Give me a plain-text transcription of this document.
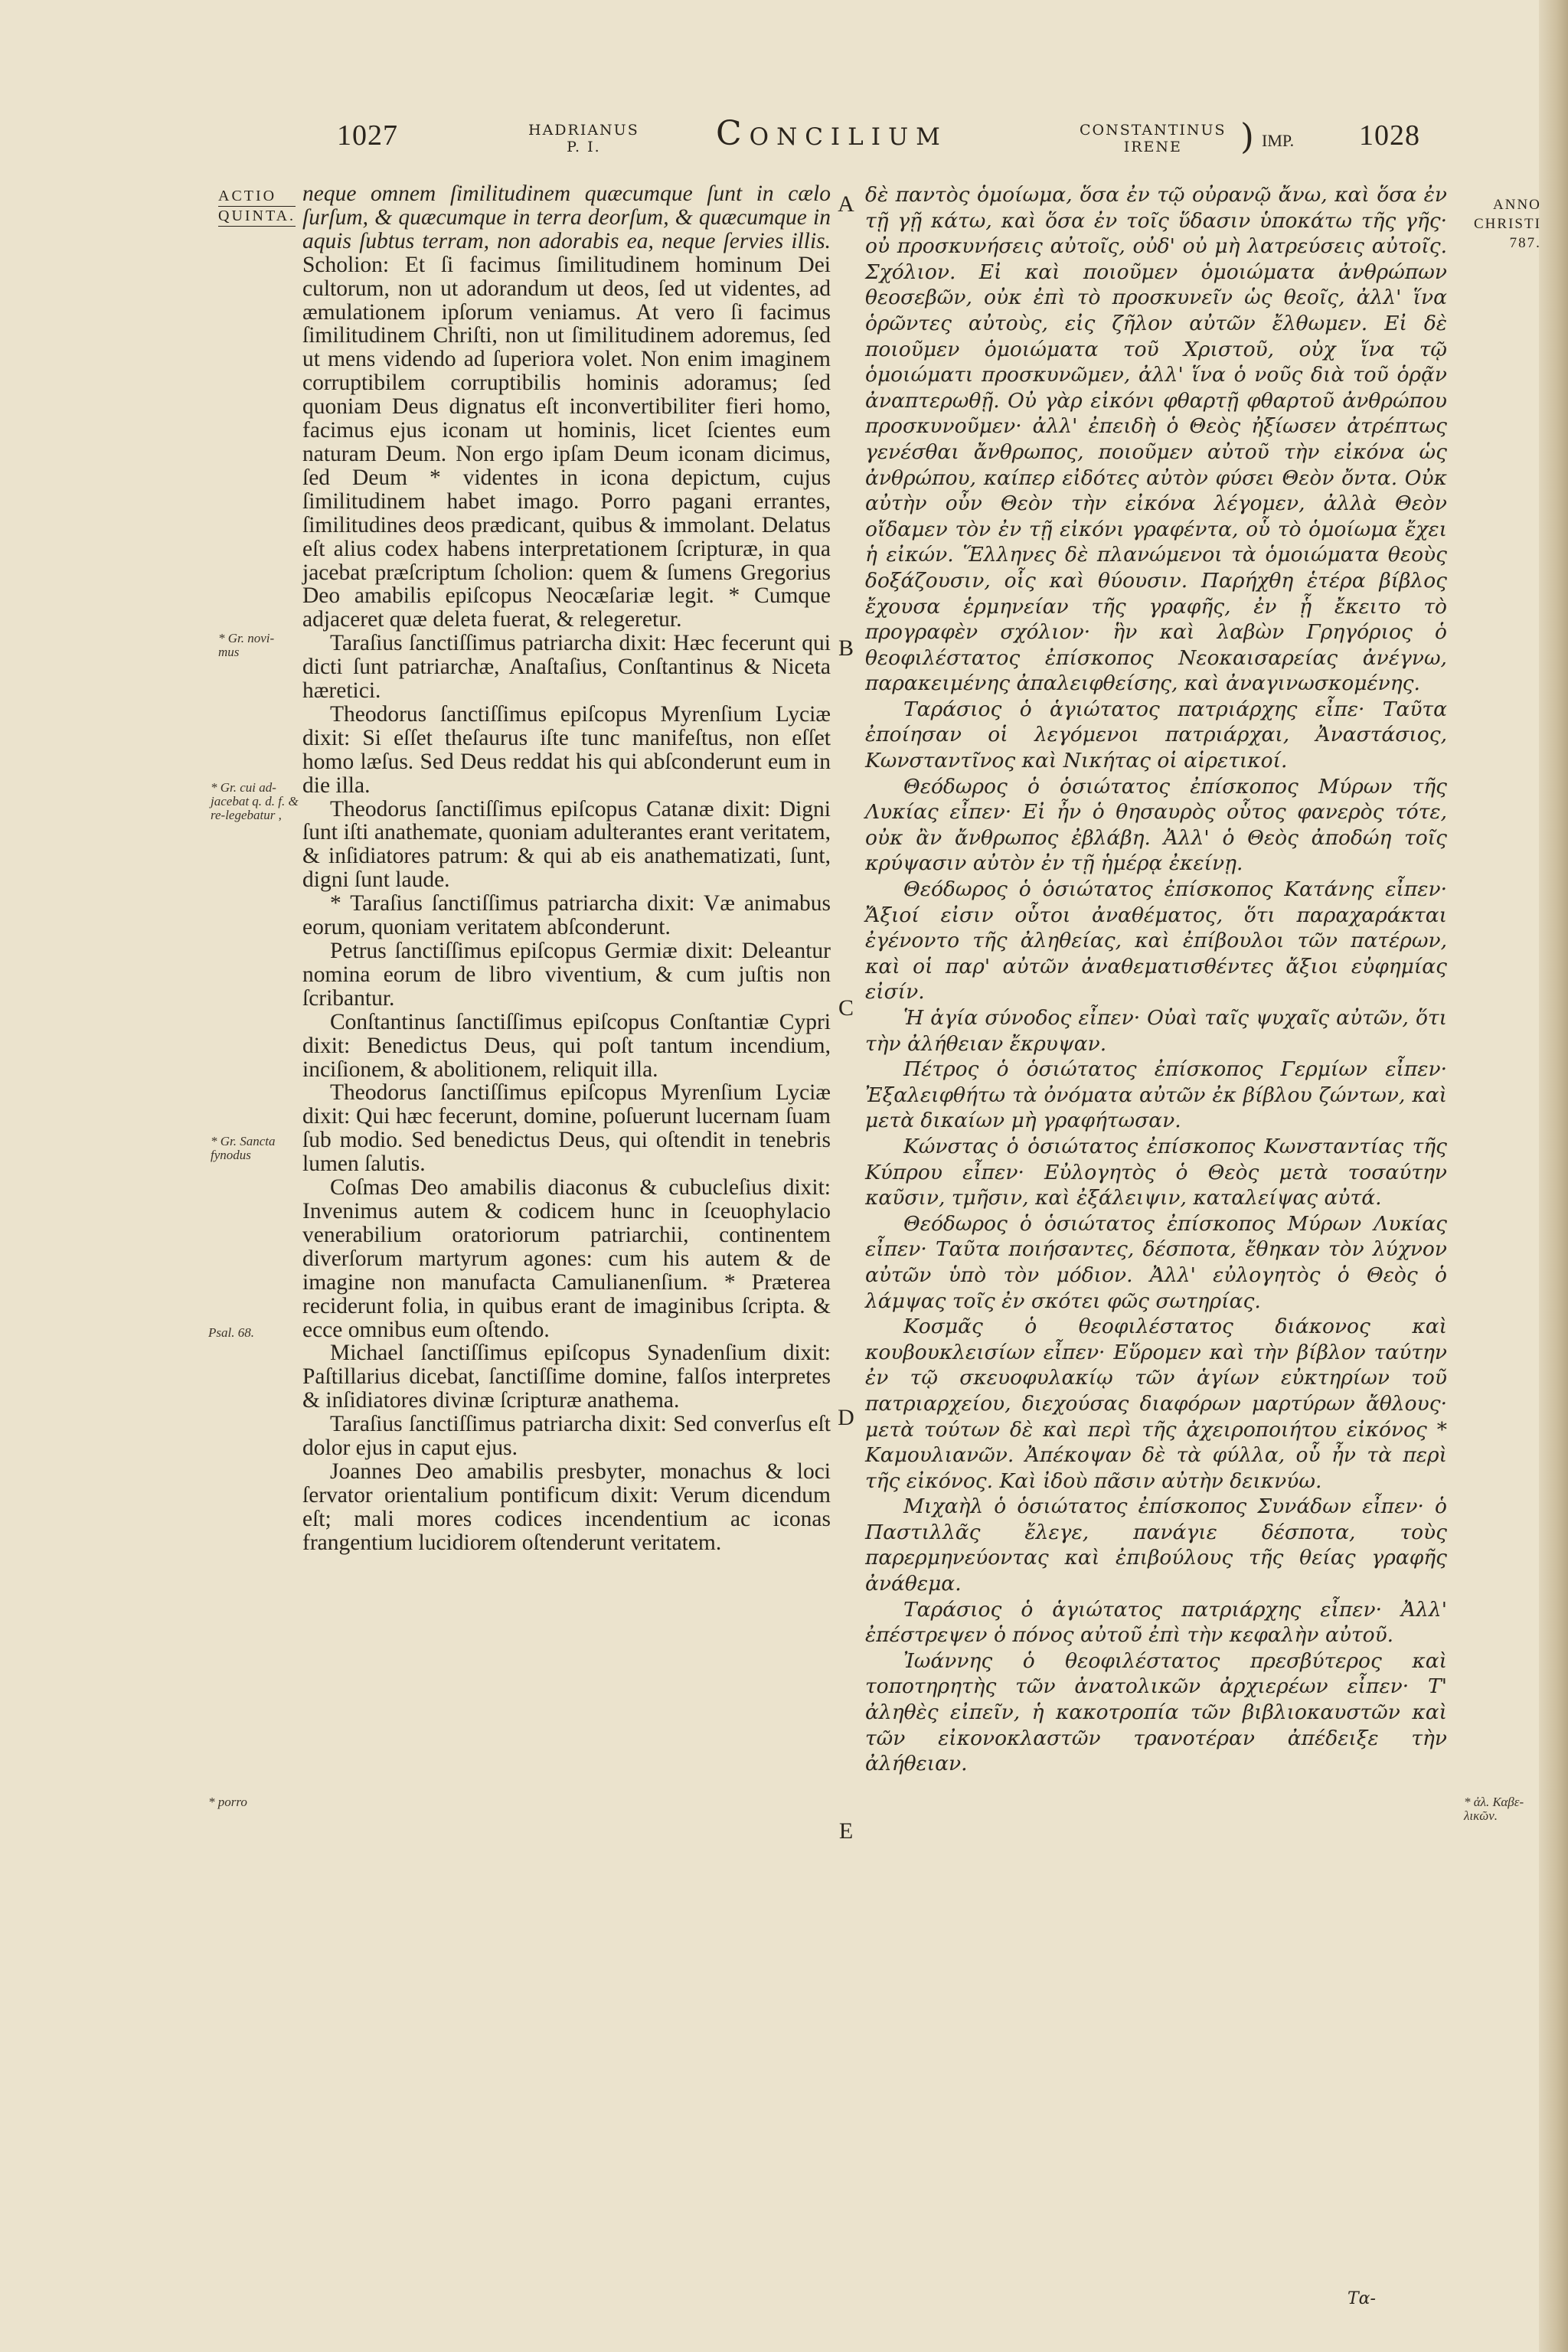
1027	HADRIANUS
P. I.	Concilium	CONSTANTINUS
IRENE	) IMP. 1028
ACTIO
QUINTA.
ANNO
CHRISTI
787.
* Gr. novi-mus
* Gr. cui ad-jacebat q. d. f. & re-legebatur ,
* Gr. Sancta fynodus
Psal. 68.
* porro	* ἀλ. Καβε-λικῶν.
A
B
C
D
E

neque omnem ſimilitudinem quæcumque ſunt in cælo ſurſum, & quæcumque in terra deorſum, & quæcumque in aquis ſubtus terram, non adorabis ea, neque ſervies illis. Scholion: Et ſi facimus ſimilitudinem hominum Dei cultorum, non ut adorandum ut deos, ſed ut videntes, ad æmulationem ipſorum veniamus. At vero ſi facimus ſimilitudinem Chriſti, non ut ſimilitudinem adoremus, ſed ut mens videndo ad ſuperiora volet. Non enim imaginem corruptibilem corruptibilis hominis adoramus; ſed quoniam Deus dignatus eſt inconvertibiliter fieri homo, facimus ejus iconam ut hominis, licet ſcientes eum naturam Deum. Non ergo ipſam Deum iconam dicimus, ſed Deum * videntes in icona depictum, cujus ſimilitudinem habet imago. Porro pagani errantes, ſimilitudines deos prædicant, quibus & immolant. Delatus eſt alius codex habens interpretationem ſcripturæ, in qua jacebat præſcriptum ſcholion: quem & ſumens Gregorius Deo amabilis epiſcopus Neocæſariæ legit. * Cumque adjaceret quæ deleta fuerat, & relegeretur.

Taraſius ſanctiſſimus patriarcha dixit: Hæc fecerunt qui dicti ſunt patriarchæ, Anaſtaſius, Conſtantinus & Niceta hæretici.

Theodorus ſanctiſſimus epiſcopus Myrenſium Lyciæ dixit: Si eſſet theſaurus iſte tunc manifeſtus, non eſſet homo læſus. Sed Deus reddat his qui abſconderunt eum in die illa.

Theodorus ſanctiſſimus epiſcopus Catanæ dixit: Digni ſunt iſti anathemate, quoniam adulterantes erant veritatem, & inſidiatores patrum: & qui ab eis anathematizati, ſunt, digni ſunt laude.

* Taraſius ſanctiſſimus patriarcha dixit: Væ animabus eorum, quoniam veritatem abſconderunt.

Petrus ſanctiſſimus epiſcopus Germiæ dixit: Deleantur nomina eorum de libro viventium, & cum juſtis non ſcribantur.

Conſtantinus ſanctiſſimus epiſcopus Conſtantiæ Cypri dixit: Benedictus Deus, qui poſt tantum incendium, inciſionem, & abolitionem, reliquit illa.

Theodorus ſanctiſſimus epiſcopus Myrenſium Lyciæ dixit: Qui hæc fecerunt, domine, poſuerunt lucernam ſuam ſub modio. Sed benedictus Deus, qui oſtendit in tenebris lumen ſalutis.

Coſmas Deo amabilis diaconus & cubuclеſius dixit: Invenimus autem & codicem hunc in ſceuophylacio venerabilium oratoriorum patriarchii, continentem diverſorum martyrum agones: cum his autem & de imagine non manufacta Camulianenſium. * Præterea reciderunt folia, in quibus erant de imaginibus ſcripta. & ecce omnibus eum oſtendo.

Michael ſanctiſſimus epiſcopus Synadenſium dixit: Paſtillarius dicebat, ſanctiſſime domine, falſos interpretes & inſidiatores divinæ ſcripturæ anathema.

Taraſius ſanctiſſimus patriarcha dixit: Sed converſus eſt dolor ejus in caput ejus.

Joannes Deo amabilis presbyter, monachus & loci ſervator orientalium pontificum dixit: Verum dicendum eſt; mali mores codices incendentium ac iconas frangentium lucidiorem oſtenderunt veritatem.

δὲ παντὸς ὁμοίωμα, ὅσα ἐν τῷ οὐρανῷ ἄνω, καὶ ὅσα ἐν τῇ γῇ κάτω, καὶ ὅσα ἐν τοῖς ὕδασιν ὑποκάτω τῆς γῆς· οὐ προσκυνήσεις αὐτοῖς, οὐδ' οὐ μὴ λατρεύσεις αὐτοῖς. Σχόλιον. Εἰ καὶ ποιοῦμεν ὁμοιώματα ἀνθρώπων θεοσεβῶν, οὐκ ἐπὶ τὸ προσκυνεῖν ὡς θεοῖς, ἀλλ' ἵνα ὁρῶντες αὐτοὺς, εἰς ζῆλον αὐτῶν ἔλθωμεν. Εἰ δὲ ποιοῦμεν ὁμοιώματα τοῦ Χριστοῦ, οὐχ ἵνα τῷ ὁμοιώματι προσκυνῶμεν, ἀλλ' ἵνα ὁ νοῦς διὰ τοῦ ὁρᾷν ἀναπτερωθῇ. Οὐ γὰρ εἰκόνι φθαρτῇ φθαρτοῦ ἀνθρώπου προσκυνοῦμεν· ἀλλ' ἐπειδὴ ὁ Θεὸς ἠξίωσεν ἀτρέπτως γενέσθαι ἄνθρωπος, ποιοῦμεν αὐτοῦ τὴν εἰκόνα ὡς ἀνθρώπου, καίπερ εἰδότες αὐτὸν φύσει Θεὸν ὄντα. Οὐκ αὐτὴν οὖν Θεὸν τὴν εἰκόνα λέγομεν, ἀλλὰ Θεὸν οἴδαμεν τὸν ἐν τῇ εἰκόνι γραφέντα, οὗ τὸ ὁμοίωμα ἔχει ἡ εἰκών. Ἕλληνες δὲ πλανώμενοι τὰ ὁμοιώματα θεοὺς δοξάζουσιν, οἷς καὶ θύουσιν. Παρήχθη ἑτέρα βίβλος ἔχουσα ἑρμηνείαν τῆς γραφῆς, ἐν ᾗ ἔκειτο τὸ προγραφὲν σχόλιον· ἣν καὶ λαβὼν Γρηγόριος ὁ θεοφιλέστατος ἐπίσκοπος Νεοκαισαρείας ἀνέγνω, παρακειμένης ἀπαλειφθείσης, καὶ ἀναγινωσκομένης.

Ταράσιος ὁ ἁγιώτατος πατριάρχης εἶπε· Ταῦτα ἐποίησαν οἱ λεγόμενοι πατριάρχαι, Ἀναστάσιος, Κωνσταντῖνος καὶ Νικήτας οἱ αἱρετικοί.

Θεόδωρος ὁ ὁσιώτατος ἐπίσκοπος Μύρων τῆς Λυκίας εἶπεν· Εἰ ἦν ὁ θησαυρὸς οὗτος φανερὸς τότε, οὐκ ἂν ἄνθρωπος ἐβλάβη. Ἀλλ' ὁ Θεὸς ἀποδώη τοῖς κρύψασιν αὐτὸν ἐν τῇ ἡμέρᾳ ἐκείνῃ.

Θεόδωρος ὁ ὁσιώτατος ἐπίσκοπος Κατάνης εἶπεν· Ἄξιοί εἰσιν οὗτοι ἀναθέματος, ὅτι παραχαράκται ἐγένοντο τῆς ἀληθείας, καὶ ἐπίβουλοι τῶν πατέρων, καὶ οἱ παρ' αὐτῶν ἀναθεματισθέντες ἄξιοι εὐφημίας εἰσίν.

Ἡ ἁγία σύνοδος εἶπεν· Οὐαὶ ταῖς ψυχαῖς αὐτῶν, ὅτι τὴν ἀλήθειαν ἔκρυψαν.

Πέτρος ὁ ὁσιώτατος ἐπίσκοπος Γερμίων εἶπεν· Ἐξαλειφθήτω τὰ ὀνόματα αὐτῶν ἐκ βίβλου ζώντων, καὶ μετὰ δικαίων μὴ γραφήτωσαν.

Κώνστας ὁ ὁσιώτατος ἐπίσκοπος Κωνσταντίας τῆς Κύπρου εἶπεν· Εὐλογητὸς ὁ Θεὸς μετὰ τοσαύτην καῦσιν, τμῆσιν, καὶ ἐξάλειψιν, καταλείψας αὐτά.

Θεόδωρος ὁ ὁσιώτατος ἐπίσκοπος Μύρων Λυκίας εἶπεν· Ταῦτα ποιήσαντες, δέσποτα, ἔθηκαν τὸν λύχνον αὐτῶν ὑπὸ τὸν μόδιον. Ἀλλ' εὐλογητὸς ὁ Θεὸς ὁ λάμψας τοῖς ἐν σκότει φῶς σωτηρίας.

Κοσμᾶς ὁ θεοφιλέστατος διάκονος καὶ κουβουκλεισίων εἶπεν· Εὕρομεν καὶ τὴν βίβλον ταύτην ἐν τῷ σκευοφυλακίῳ τῶν ἁγίων εὐκτηρίων τοῦ πατριαρχείου, διεχούσας διαφόρων μαρτύρων ἄθλους· μετὰ τούτων δὲ καὶ περὶ τῆς ἀχειροποιήτου εἰκόνος * Καμουλιανῶν. Ἀπέκοψαν δὲ τὰ φύλλα, οὗ ἦν τὰ περὶ τῆς εἰκόνος. Καὶ ἰδοὺ πᾶσιν αὐτὴν δεικνύω.

Μιχαὴλ ὁ ὁσιώτατος ἐπίσκοπος Συνάδων εἶπεν· ὁ Παστιλλᾶς ἔλεγε, πανάγιε δέσποτα, τοὺς παρερμηνεύοντας καὶ ἐπιβούλους τῆς θείας γραφῆς ἀνάθεμα.

Ταράσιος ὁ ἁγιώτατος πατριάρχης εἶπεν· Ἀλλ' ἐπέστρεψεν ὁ πόνος αὐτοῦ ἐπὶ τὴν κεφαλὴν αὐτοῦ.

Ἰωάννης ὁ θεοφιλέστατος πρεσβύτερος καὶ τοποτηρητὴς τῶν ἀνατολικῶν ἀρχιερέων εἶπεν· Τ' ἀληθὲς εἰπεῖν, ἡ κακοτροπία τῶν βιβλιοκαυστῶν καὶ τῶν εἰκονοκλαστῶν τρανοτέραν ἀπέδειξε τὴν ἀλήθειαν.

Τα-
